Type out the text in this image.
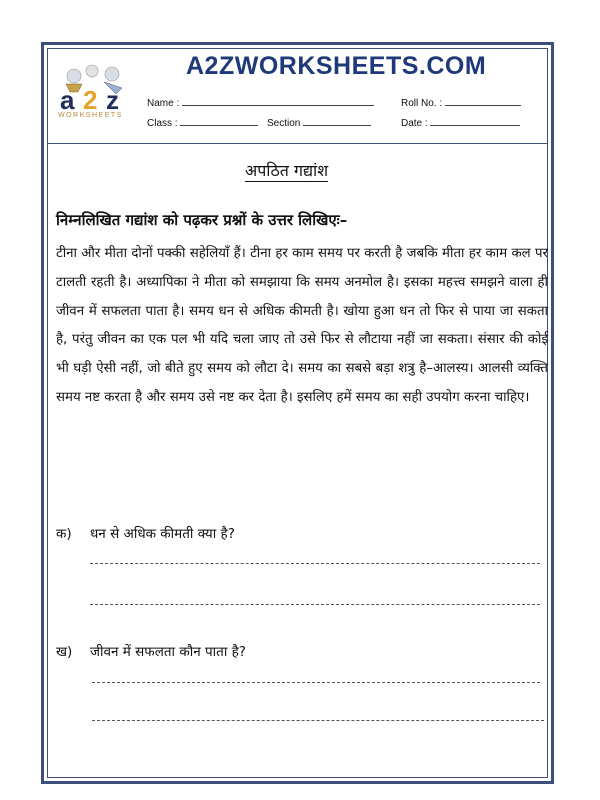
a 2 z
WORKSHEETS
A2ZWORKSHEETS.COM
Name :	Roll No. :
Class :	Section	Date :
अपठित गद्यांश
निम्नलिखित गद्यांश को पढ़कर प्रश्नों के उत्तर लिखिएः–
टीना और मीता दोनों पक्की सहेलियाँ हैं। टीना हर काम समय पर करती है जबकि मीता हर काम कल पर टालती रहती है। अध्यापिका ने मीता को समझाया कि समय अनमोल है। इसका महत्त्व समझने वाला ही जीवन में सफलता पाता है। समय धन से अधिक कीमती है। खोया हुआ धन तो फिर से पाया जा सकता है, परंतु जीवन का एक पल भी यदि चला जाए तो उसे फिर से लौटाया नहीं जा सकता। संसार की कोई भी घड़ी ऐसी नहीं, जो बीते हुए समय को लौटा दे। समय का सबसे बड़ा शत्रु है–आलस्य। आलसी व्यक्ति समय नष्ट करता है और समय उसे नष्ट कर देता है। इसलिए हमें समय का सही उपयोग करना चाहिए।
क) धन से अधिक कीमती क्या है?
ख) जीवन में सफलता कौन पाता है?
